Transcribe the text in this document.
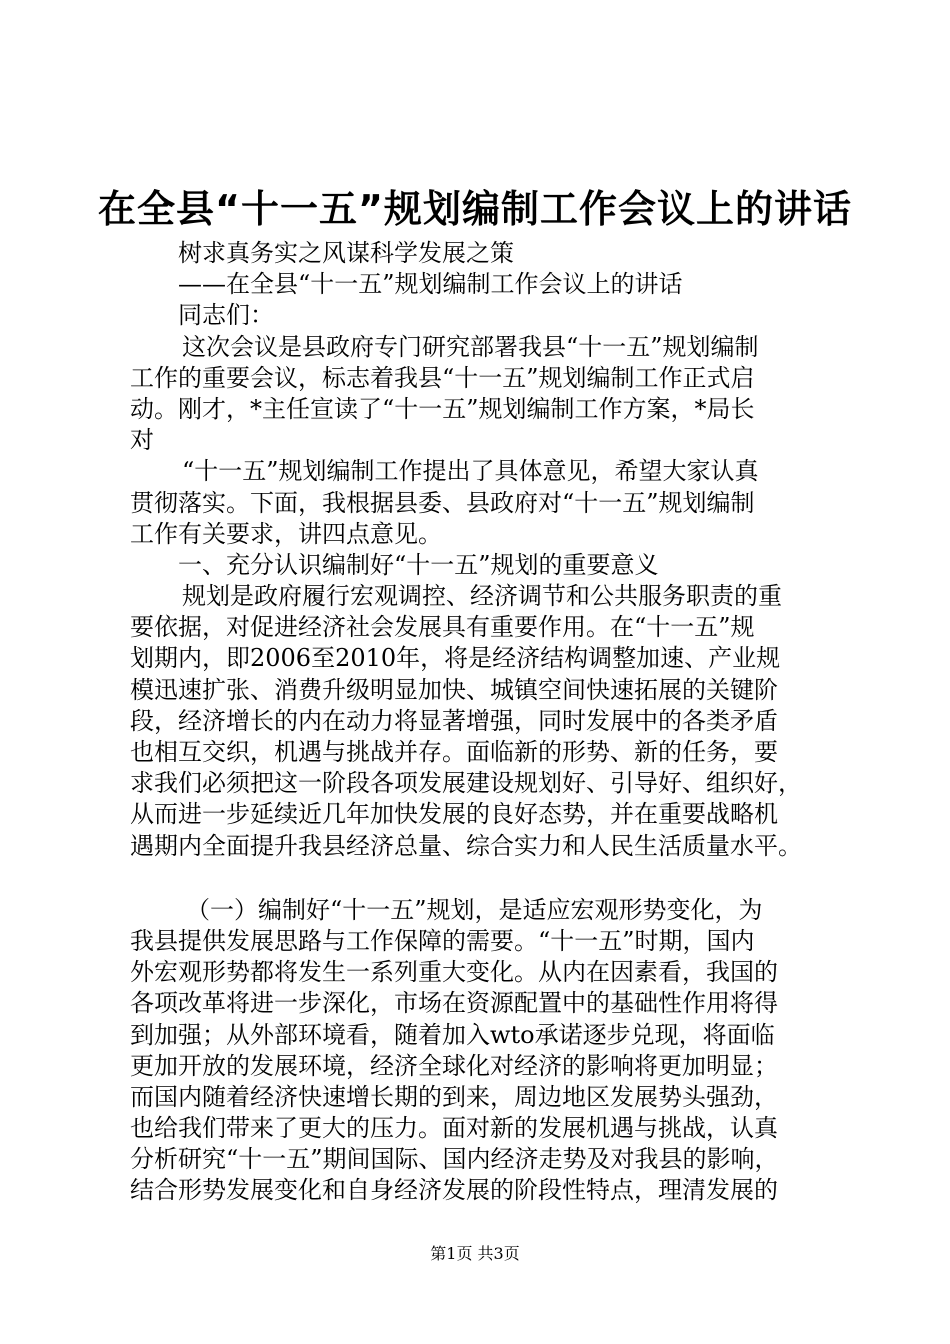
在全县“十一五”规划编制工作会议上的讲话
树求真务实之风谋科学发展之策
——在全县“十一五”规划编制工作会议上的讲话
同志们：
这次会议是县政府专门研究部署我县“十一五”规划编制
工作的重要会议，标志着我县“十一五”规划编制工作正式启
动。刚才，*主任宣读了“十一五”规划编制工作方案，*局长
对
“十一五”规划编制工作提出了具体意见，希望大家认真
贯彻落实。下面，我根据县委、县政府对“十一五”规划编制
工作有关要求，讲四点意见。
一、充分认识编制好“十一五”规划的重要意义
规划是政府履行宏观调控、经济调节和公共服务职责的重
要依据，对促进经济社会发展具有重要作用。在“十一五”规
划期内，即2006至2010年，将是经济结构调整加速、产业规
模迅速扩张、消费升级明显加快、城镇空间快速拓展的关键阶
段，经济增长的内在动力将显著增强，同时发展中的各类矛盾
也相互交织，机遇与挑战并存。面临新的形势、新的任务，要
求我们必须把这一阶段各项发展建设规划好、引导好、组织好，
从而进一步延续近几年加快发展的良好态势，并在重要战略机
遇期内全面提升我县经济总量、综合实力和人民生活质量水平。
（一）编制好“十一五”规划，是适应宏观形势变化，为
我县提供发展思路与工作保障的需要。“十一五”时期，国内
外宏观形势都将发生一系列重大变化。从内在因素看，我国的
各项改革将进一步深化，市场在资源配置中的基础性作用将得
到加强；从外部环境看，随着加入wto承诺逐步兑现，将面临
更加开放的发展环境，经济全球化对经济的影响将更加明显；
而国内随着经济快速增长期的到来，周边地区发展势头强劲，
也给我们带来了更大的压力。面对新的发展机遇与挑战，认真
分析研究“十一五”期间国际、国内经济走势及对我县的影响，
结合形势发展变化和自身经济发展的阶段性特点，理清发展的
第1页 共3页
